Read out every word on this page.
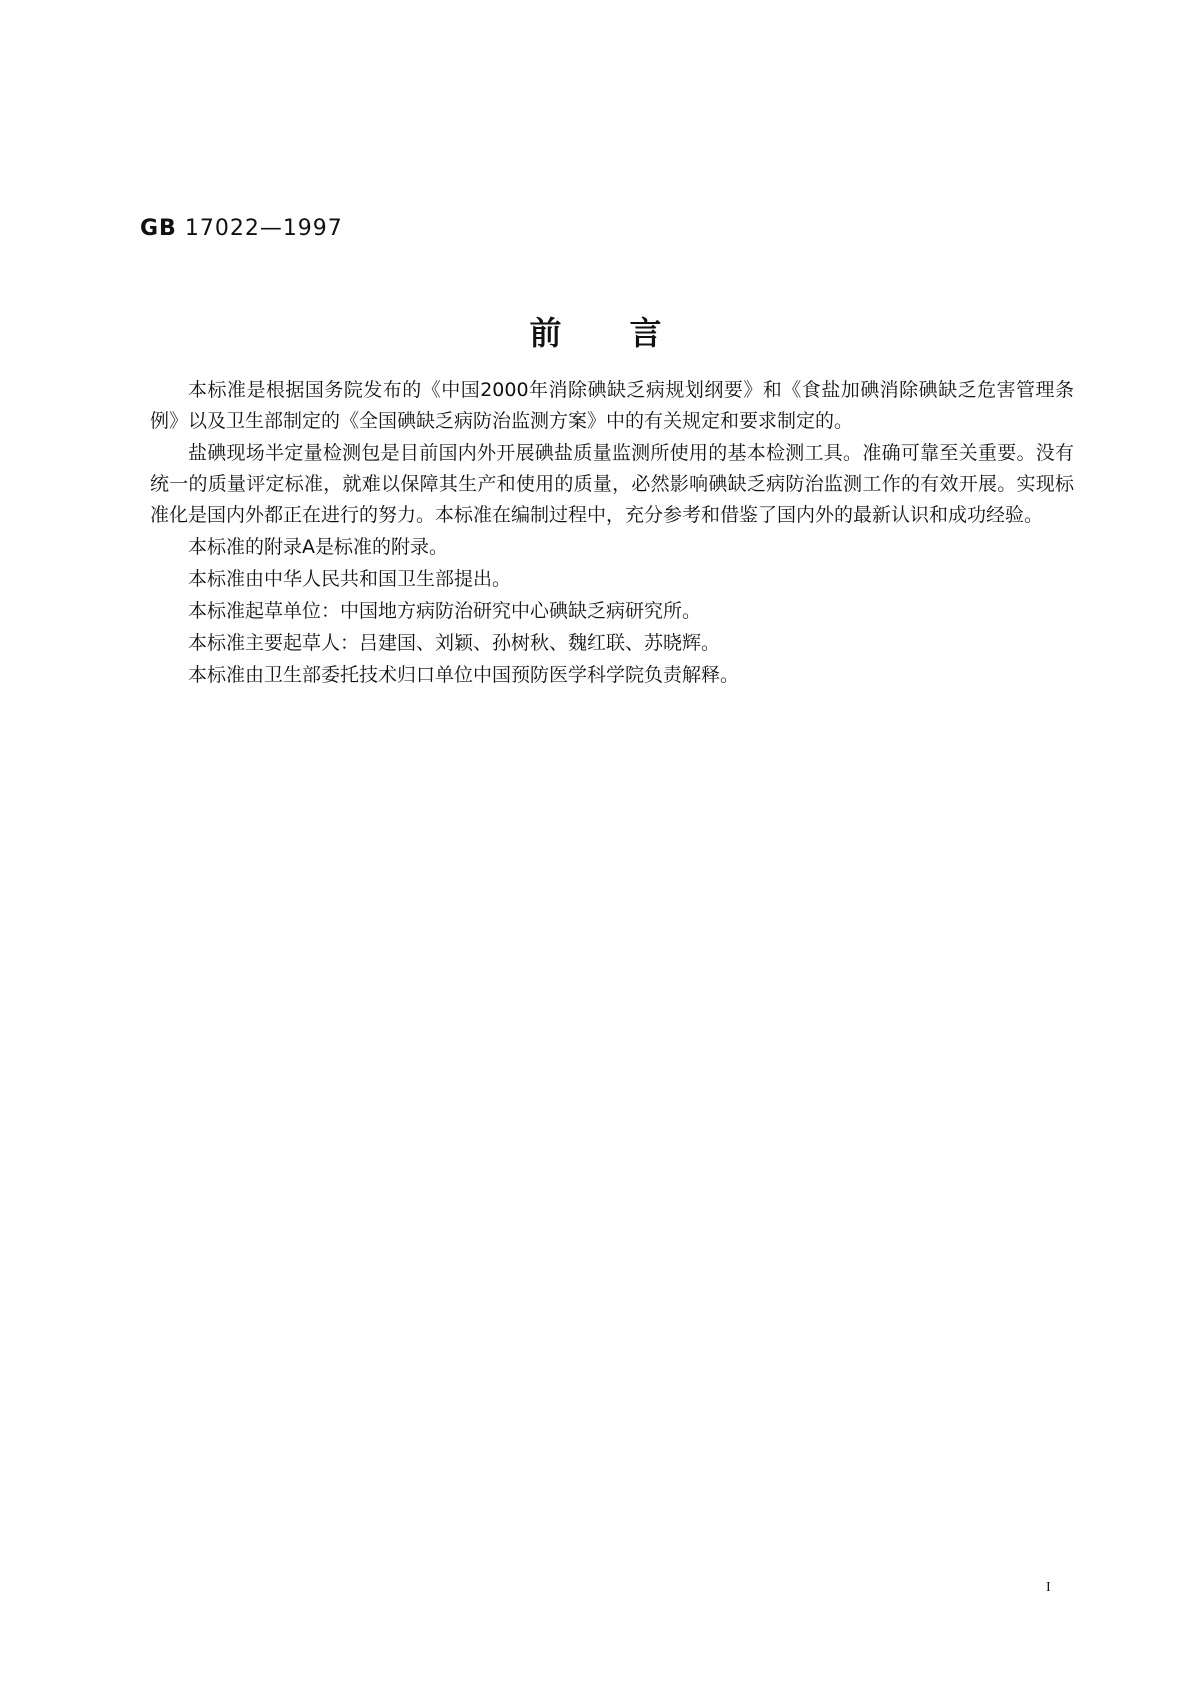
GB 17022—1997
前言

本标准是根据国务院发布的《中国2000年消除碘缺乏病规划纲要》和《食盐加碘消除碘缺乏危害管理条例》以及卫生部制定的《全国碘缺乏病防治监测方案》中的有关规定和要求制定的。

盐碘现场半定量检测包是目前国内外开展碘盐质量监测所使用的基本检测工具。准确可靠至关重要。没有统一的质量评定标准，就难以保障其生产和使用的质量，必然影响碘缺乏病防治监测工作的有效开展。实现标准化是国内外都正在进行的努力。本标准在编制过程中，充分参考和借鉴了国内外的最新认识和成功经验。

本标准的附录A是标准的附录。

本标准由中华人民共和国卫生部提出。

本标准起草单位：中国地方病防治研究中心碘缺乏病研究所。

本标准主要起草人：吕建国、刘颖、孙树秋、魏红联、苏晓辉。

本标准由卫生部委托技术归口单位中国预防医学科学院负责解释。

I
